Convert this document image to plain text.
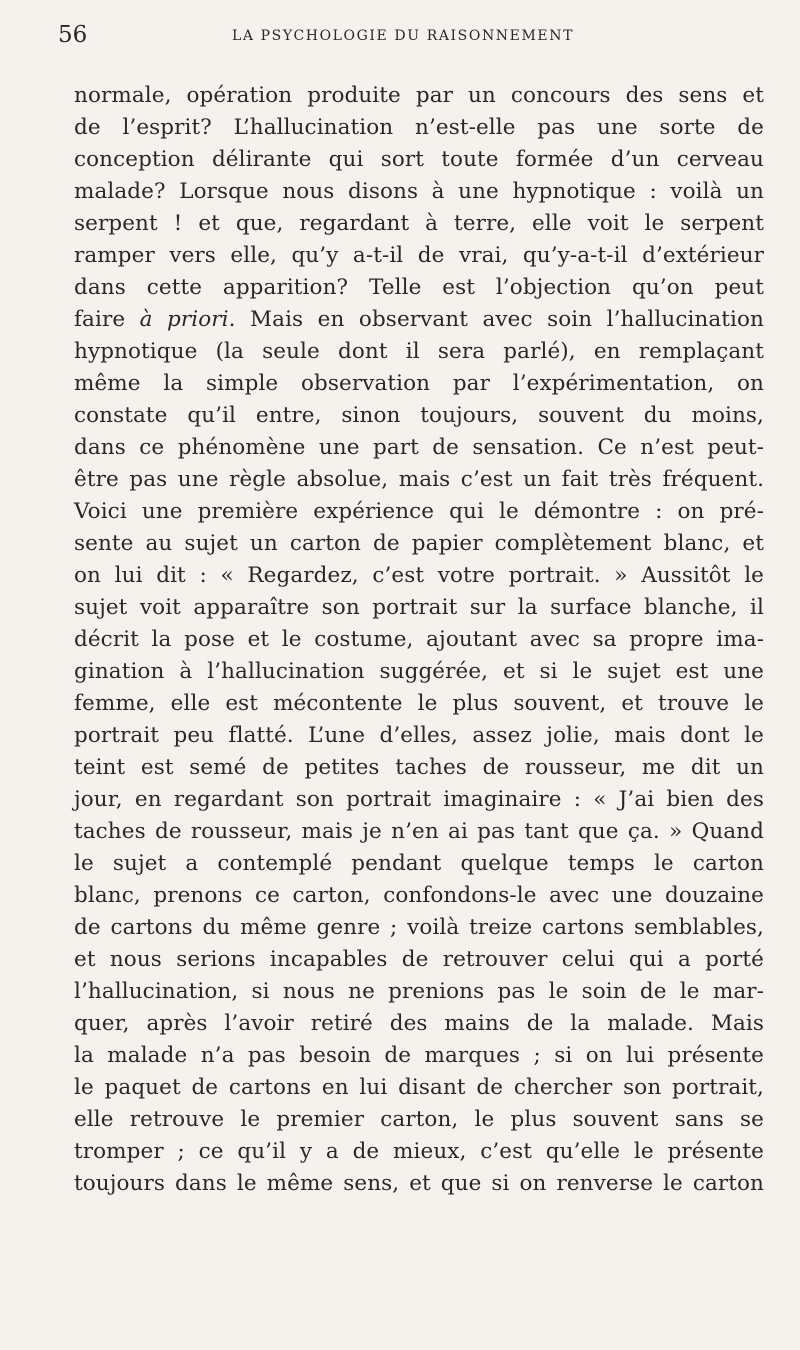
56	LA PSYCHOLOGIE DU RAISONNEMENT
normale, opération produite par un concours des sens et
de l’esprit? L’hallucination n’est-elle pas une sorte de
conception délirante qui sort toute formée d’un cerveau
malade? Lorsque nous disons à une hypnotique : voilà un
serpent ! et que, regardant à terre, elle voit le serpent
ramper vers elle, qu’y a-t-il de vrai, qu’y-a-t-il d’extérieur
dans cette apparition? Telle est l’objection qu’on peut
faire à priori. Mais en observant avec soin l’hallucination
hypnotique (la seule dont il sera parlé), en remplaçant
même la simple observation par l’expérimentation, on
constate qu’il entre, sinon toujours, souvent du moins,
dans ce phénomène une part de sensation. Ce n’est peut-
être pas une règle absolue, mais c’est un fait très fréquent.
Voici une première expérience qui le démontre : on pré-
sente au sujet un carton de papier complètement blanc, et
on lui dit : « Regardez, c’est votre portrait. » Aussitôt le
sujet voit apparaître son portrait sur la surface blanche, il
décrit la pose et le costume, ajoutant avec sa propre ima-
gination à l’hallucination suggérée, et si le sujet est une
femme, elle est mécontente le plus souvent, et trouve le
portrait peu flatté. L’une d’elles, assez jolie, mais dont le
teint est semé de petites taches de rousseur, me dit un
jour, en regardant son portrait imaginaire : « J’ai bien des
taches de rousseur, mais je n’en ai pas tant que ça. » Quand
le sujet a contemplé pendant quelque temps le carton
blanc, prenons ce carton, confondons-le avec une douzaine
de cartons du même genre ; voilà treize cartons semblables,
et nous serions incapables de retrouver celui qui a porté
l’hallucination, si nous ne prenions pas le soin de le mar-
quer, après l’avoir retiré des mains de la malade. Mais
la malade n’a pas besoin de marques ; si on lui présente
le paquet de cartons en lui disant de chercher son portrait,
elle retrouve le premier carton, le plus souvent sans se
tromper ; ce qu’il y a de mieux, c’est qu’elle le présente
toujours dans le même sens, et que si on renverse le carton
